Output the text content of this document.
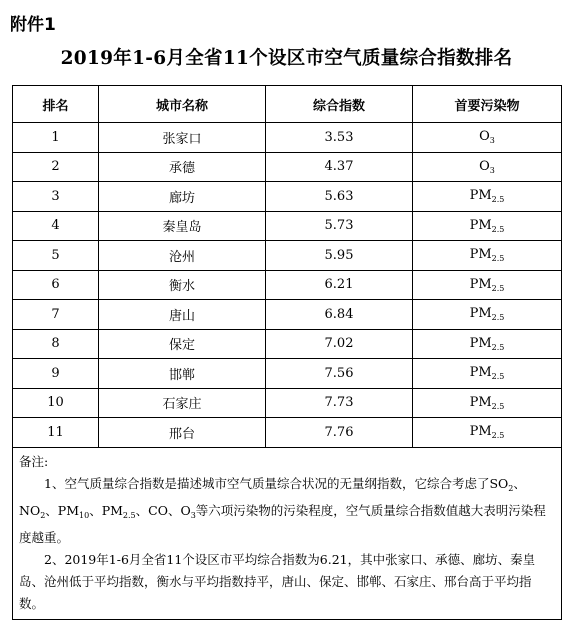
附件1
2019年1-6月全省11个设区市空气质量综合指数排名
排名	城市名称	综合指数	首要污染物
1	张家口	3.53	$O_3$
2	承德	4.37	$O_3$
3	廊坊	5.63	$PM_{2.5}$
4	秦皇岛	5.73	$PM_{2.5}$
5	沧州	5.95	$PM_{2.5}$
6	衡水	6.21	$PM_{2.5}$
7	唐山	6.84	$PM_{2.5}$
8	保定	7.02	$PM_{2.5}$
9	邯郸	7.56	$PM_{2.5}$
10	石家庄	7.73	$PM_{2.5}$
11	邢台	7.76	$PM_{2.5}$

备注:

1、空气质量综合指数是描述城市空气质量综合状况的无量纲指数，它综合考虑了$SO_2$、$NO_2$、$PM_{10}$、$PM_{2.5}$、CO、$O_3$等六项污染物的污染程度，空气质量综合指数值越大表明污染程度越重。

2、2019年1-6月全省11个设区市平均综合指数为6.21，其中张家口、承德、廊坊、秦皇岛、沧州低于平均指数，衡水与平均指数持平，唐山、保定、邯郸、石家庄、邢台高于平均指数。			
